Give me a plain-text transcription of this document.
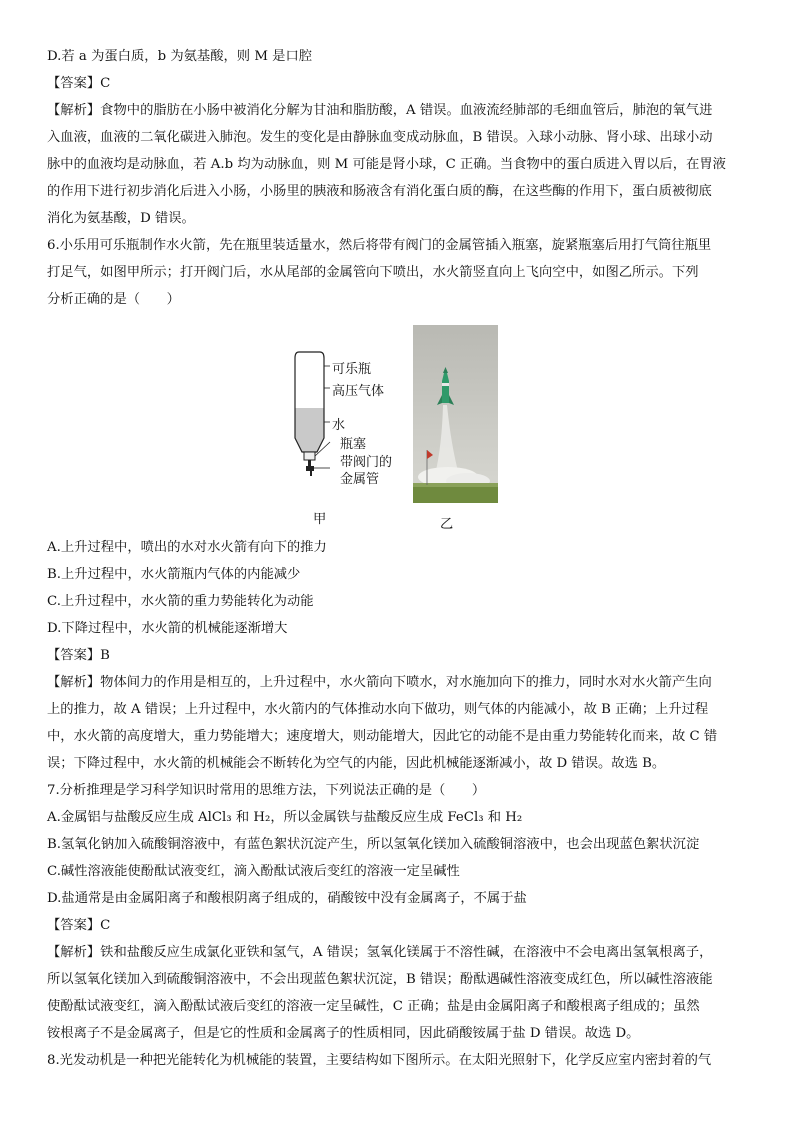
D.若 a 为蛋白质，b 为氨基酸，则 M 是口腔
【答案】C
【解析】食物中的脂肪在小肠中被消化分解为甘油和脂肪酸，A 错误。血液流经肺部的毛细血管后，肺泡的氧气进
入血液，血液的二氧化碳进入肺泡。发生的变化是由静脉血变成动脉血，B 错误。入球小动脉、肾小球、出球小动
脉中的血液均是动脉血，若 A.b 均为动脉血，则 M 可能是肾小球，C 正确。当食物中的蛋白质进入胃以后，在胃液
的作用下进行初步消化后进入小肠，小肠里的胰液和肠液含有消化蛋白质的酶，在这些酶的作用下，蛋白质被彻底
消化为氨基酸，D 错误。
6.小乐用可乐瓶制作水火箭，先在瓶里装适量水，然后将带有阀门的金属管插入瓶塞，旋紧瓶塞后用打气筒往瓶里
打足气，如图甲所示；打开阀门后，水从尾部的金属管向下喷出，水火箭竖直向上飞向空中，如图乙所示。下列
分析正确的是（　　）
可乐瓶
高压气体
水
瓶塞
带阀门的
金属管
甲	乙
A.上升过程中，喷出的水对水火箭有向下的推力
B.上升过程中，水火箭瓶内气体的内能减少
C.上升过程中，水火箭的重力势能转化为动能
D.下降过程中，水火箭的机械能逐渐增大
【答案】B
【解析】物体间力的作用是相互的，上升过程中，水火箭向下喷水，对水施加向下的推力，同时水对水火箭产生向
上的推力，故 A 错误；上升过程中，水火箭内的气体推动水向下做功，则气体的内能减小，故 B 正确；上升过程
中，水火箭的高度增大，重力势能增大；速度增大，则动能增大，因此它的动能不是由重力势能转化而来，故 C 错
误；下降过程中，水火箭的机械能会不断转化为空气的内能，因此机械能逐渐减小，故 D 错误。故选 B。
7.分析推理是学习科学知识时常用的思维方法，下列说法正确的是（　　）
A.金属铝与盐酸反应生成 AlCl₃ 和 H₂，所以金属铁与盐酸反应生成 FeCl₃ 和 H₂
B.氢氧化钠加入硫酸铜溶液中，有蓝色絮状沉淀产生，所以氢氧化镁加入硫酸铜溶液中，也会出现蓝色絮状沉淀
C.碱性溶液能使酚酞试液变红，滴入酚酞试液后变红的溶液一定呈碱性
D.盐通常是由金属阳离子和酸根阴离子组成的，硝酸铵中没有金属离子，不属于盐
【答案】C
【解析】铁和盐酸反应生成氯化亚铁和氢气，A 错误；氢氧化镁属于不溶性碱，在溶液中不会电离出氢氧根离子，
所以氢氧化镁加入到硫酸铜溶液中，不会出现蓝色絮状沉淀，B 错误；酚酞遇碱性溶液变成红色，所以碱性溶液能
使酚酞试液变红，滴入酚酞试液后变红的溶液一定呈碱性，C 正确；盐是由金属阳离子和酸根离子组成的；虽然
铵根离子不是金属离子，但是它的性质和金属离子的性质相同，因此硝酸铵属于盐 D 错误。故选 D。
8.光发动机是一种把光能转化为机械能的装置，主要结构如下图所示。在太阳光照射下，化学反应室内密封着的气
